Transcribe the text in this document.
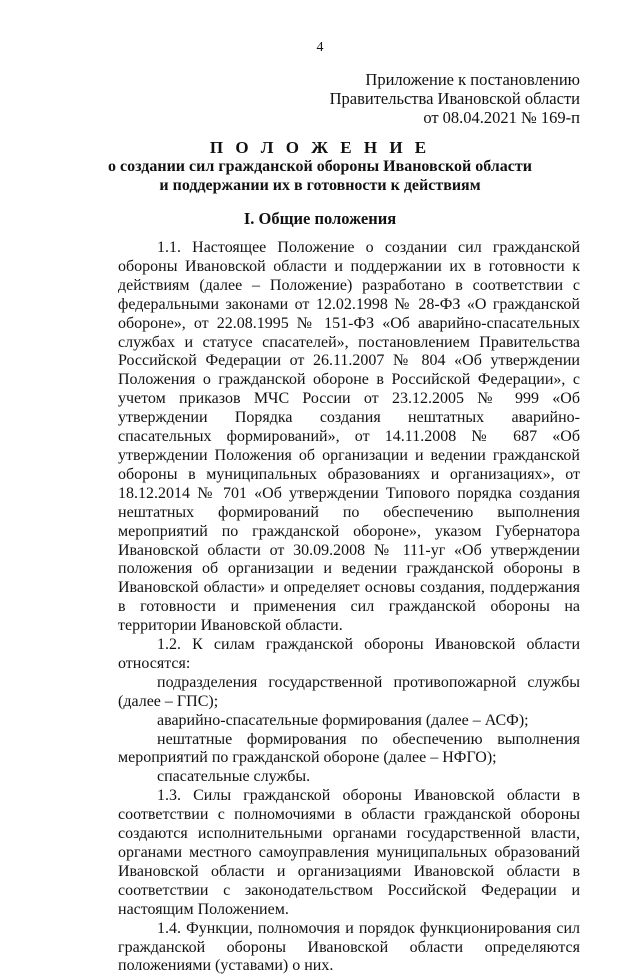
4
Приложение к постановлению
Правительства Ивановской области
от 08.04.2021 № 169-п
П О Л О Ж Е Н И Е
о создании сил гражданской обороны Ивановской области
и поддержании их в готовности к действиям
I. Общие положения

1.1. Настоящее Положение о создании сил гражданской обороны Ивановской области и поддержании их в готовности к действиям (далее – Положение) разработано в соответствии с федеральными законами от 12.02.1998 № 28-ФЗ «О гражданской обороне», от 22.08.1995 № 151-ФЗ «Об аварийно-спасательных службах и статусе спасателей», постановлением Правительства Российской Федерации от 26.11.2007 № 804 «Об утверждении Положения о гражданской обороне в Российской Федерации», с учетом приказов МЧС России от 23.12.2005 № 999 «Об утверждении Порядка создания нештатных аварийно-спасательных формирований», от 14.11.2008 № 687 «Об утверждении Положения об организации и ведении гражданской обороны в муниципальных образованиях и организациях», от 18.12.2014 № 701 «Об утверждении Типового порядка создания нештатных формирований по обеспечению выполнения мероприятий по гражданской обороне», указом Губернатора Ивановской области от 30.09.2008 № 111-уг «Об утверждении положения об организации и ведении гражданской обороны в Ивановской области» и определяет основы создания, поддержания в готовности и применения сил гражданской обороны на территории Ивановской области.

1.2. К силам гражданской обороны Ивановской области относятся:

подразделения государственной противопожарной службы (далее – ГПС);

аварийно-спасательные формирования (далее – АСФ);

нештатные формирования по обеспечению выполнения мероприятий по гражданской обороне (далее – НФГО);

спасательные службы.

1.3. Силы гражданской обороны Ивановской области в соответствии с полномочиями в области гражданской обороны создаются исполнительными органами государственной власти, органами местного самоуправления муниципальных образований Ивановской области и организациями Ивановской области в соответствии с законодательством Российской Федерации и настоящим Положением.

1.4. Функции, полномочия и порядок функционирования сил гражданской обороны Ивановской области определяются положениями (уставами) о них.
